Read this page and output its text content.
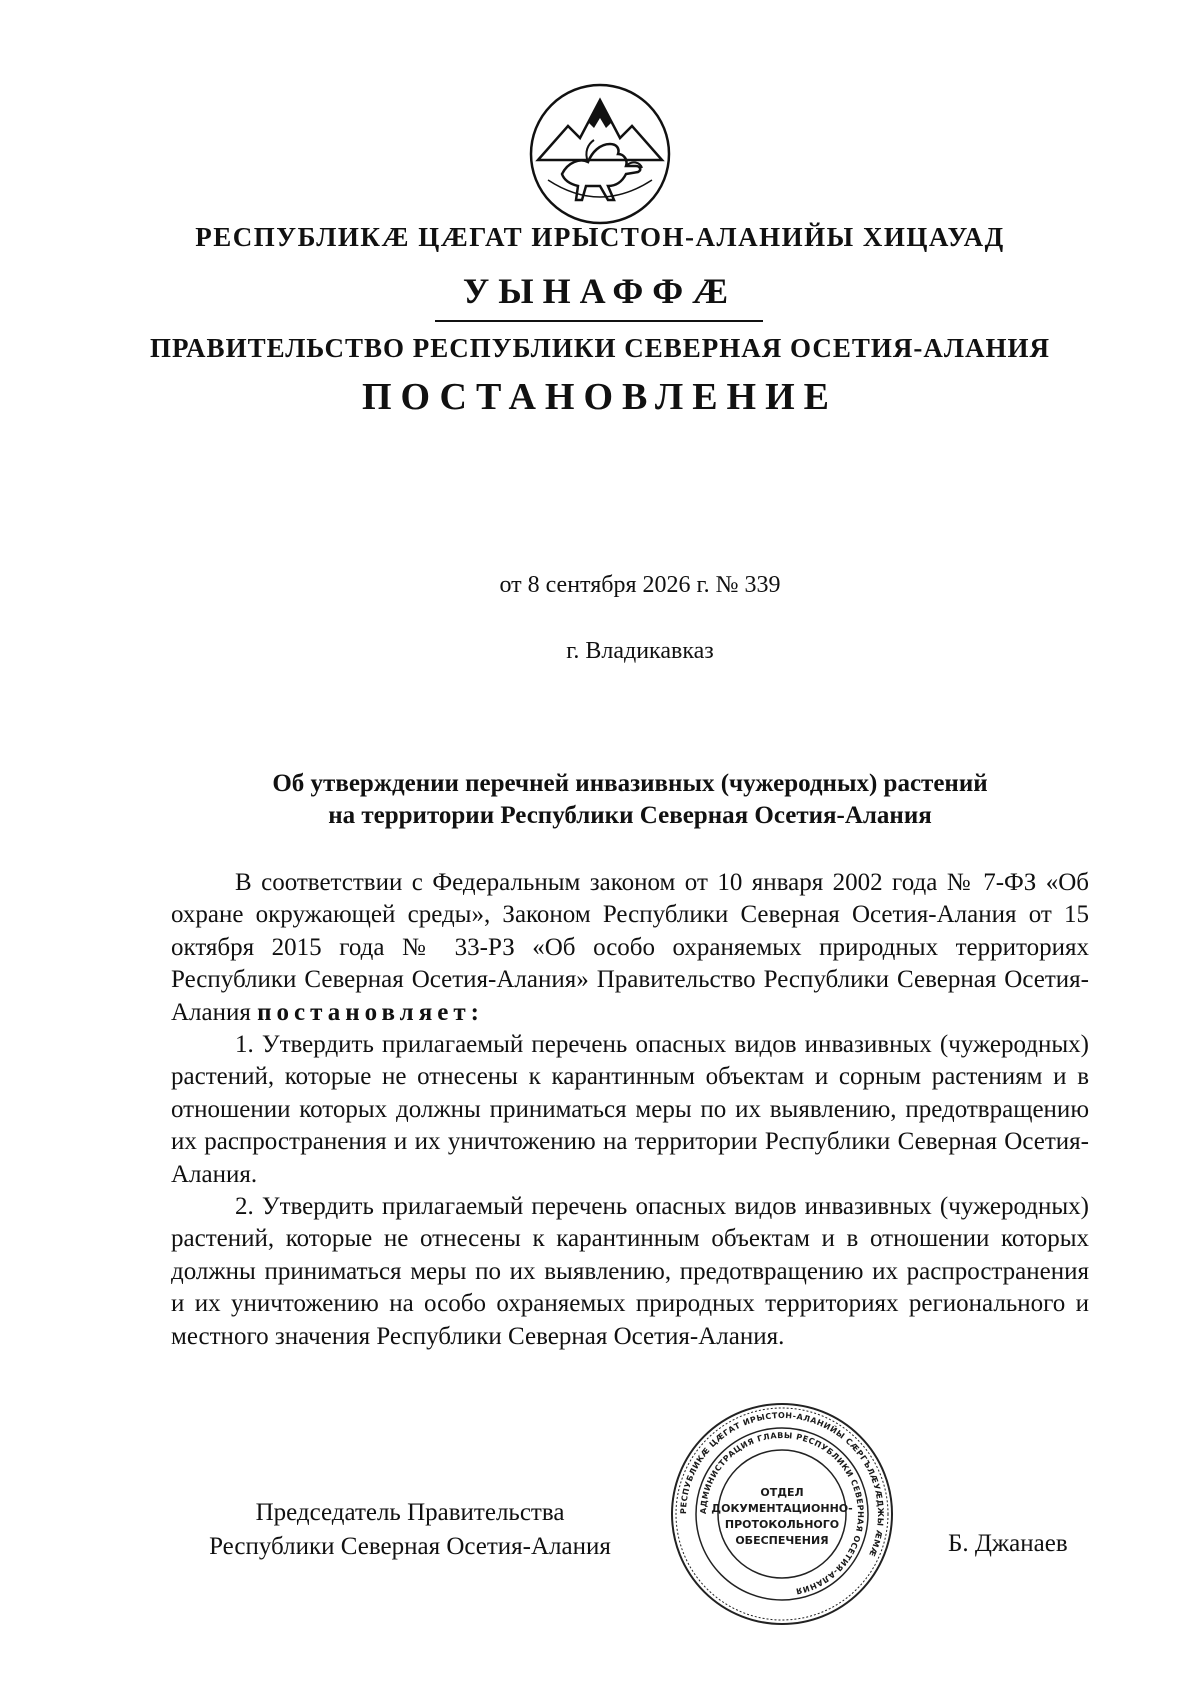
РЕСПУБЛИКÆ ЦÆГАТ ИРЫСТОН-АЛАНИЙЫ ХИЦАУАД
УЫНАФФÆ
ПРАВИТЕЛЬСТВО РЕСПУБЛИКИ СЕВЕРНАЯ ОСЕТИЯ-АЛАНИЯ
ПОСТАНОВЛЕНИЕ
от 8 сентября 2026 г. № 339
г. Владикавказ
Об утверждении перечней инвазивных (чужеродных) растений
на территории Республики Северная Осетия-Алания

В соответствии с Федеральным законом от 10 января 2002 года № 7-ФЗ «Об охране окружающей среды», Законом Республики Северная Осетия-Алания от 15 октября 2015 года № 33-РЗ «Об особо охраняемых природных территориях Республики Северная Осетия-Алания» Правительство Республики Северная Осетия-Алания постановляет:

1. Утвердить прилагаемый перечень опасных видов инвазивных (чужеродных) растений, которые не отнесены к карантинным объектам и сорным растениям и в отношении которых должны приниматься меры по их выявлению, предотвращению их распространения и их уничтожению на территории Республики Северная Осетия-Алания.

2. Утвердить прилагаемый перечень опасных видов инвазивных (чужеродных) растений, которые не отнесены к карантинным объектам и в отношении которых должны приниматься меры по их выявлению, предотвращению их распространения и их уничтожению на особо охраняемых природных территориях регионального и местного значения Республики Северная Осетия-Алания.

Председатель Правительства
Республики Северная Осетия-Алания
РЕСПУБЛИКÆ ЦÆГАТ ИРЫСТОН-АЛАНИЙЫ СÆРГЪЛÆУÆДЖЫ ÆМÆ
АДМИНИСТРАЦИЯ ГЛАВЫ РЕСПУБЛИКИ СЕВЕРНАЯ ОСЕТИЯ-АЛАНИЯ
ОТДЕЛ
ДОКУМЕНТАЦИОННО-
ПРОТОКОЛЬНОГО
ОБЕСПЕЧЕНИЯ	Б. Джанаев
